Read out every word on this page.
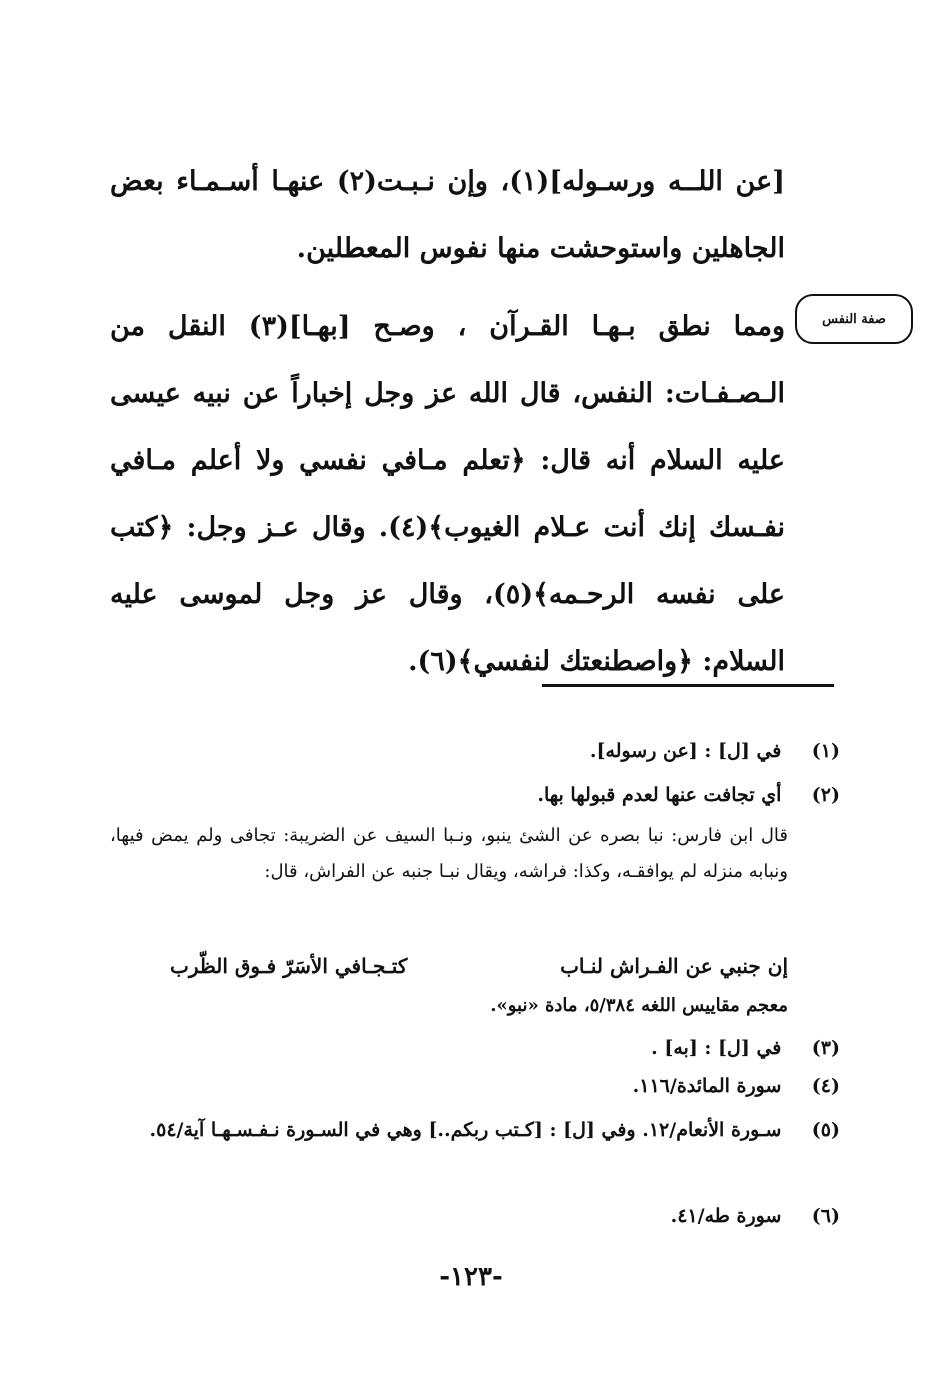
[عن اللــه ورسـوله](١)، وإن نـبـت(٢) عنهـا أسـمـاء بعض الجاهلين واستوحشت منها نفوس المعطلين.
صفة النفس
ومما نطق بـهـا القـرآن ، وصـح [بهـا](٣) النقل من الـصـفـات: النفس، قال الله عز وجل إخباراً عن نبيه عيسى عليه السلام أنه قال: ﴿تعلم مـافي نفسي ولا أعلم مـافي نفـسك إنك أنت عـلام الغيوب﴾(٤). وقال عـز وجل: ﴿كتب على نفسه الرحـمه﴾(٥)، وقال عز وجل لموسى عليه السلام: ﴿واصطنعتك لنفسي﴾(٦).
(١) في [ل] : [عن رسوله].
(٢) أي تجافت عنها لعدم قبولها بها.
قال ابن فارس: نبا بصره عن الشئ ينبو، ونـبا السيف عن الضريبة: تجافى ولم يمض فيها، ونبابه منزله لم يوافقـه، وكذا: فراشه، ويقال نبـا جنبه عن الفراش، قال:
إن جنبي عن الفـراش لنـاب
كتـجـافي الأسَرّ فـوق الظّرب
معجم مقاييس اللغه ٥/٣٨٤، مادة «نبو».
(٣) في [ل] : [به] .
(٤) سورة المائدة/١١٦.
(٥) سـورة الأنعام/١٢. وفي [ل] : [كـتب ربكم..] وهي في السـورة نـفـسـهـا آية/٥٤.
(٦) سورة طه/٤١.
-١٢٣-
